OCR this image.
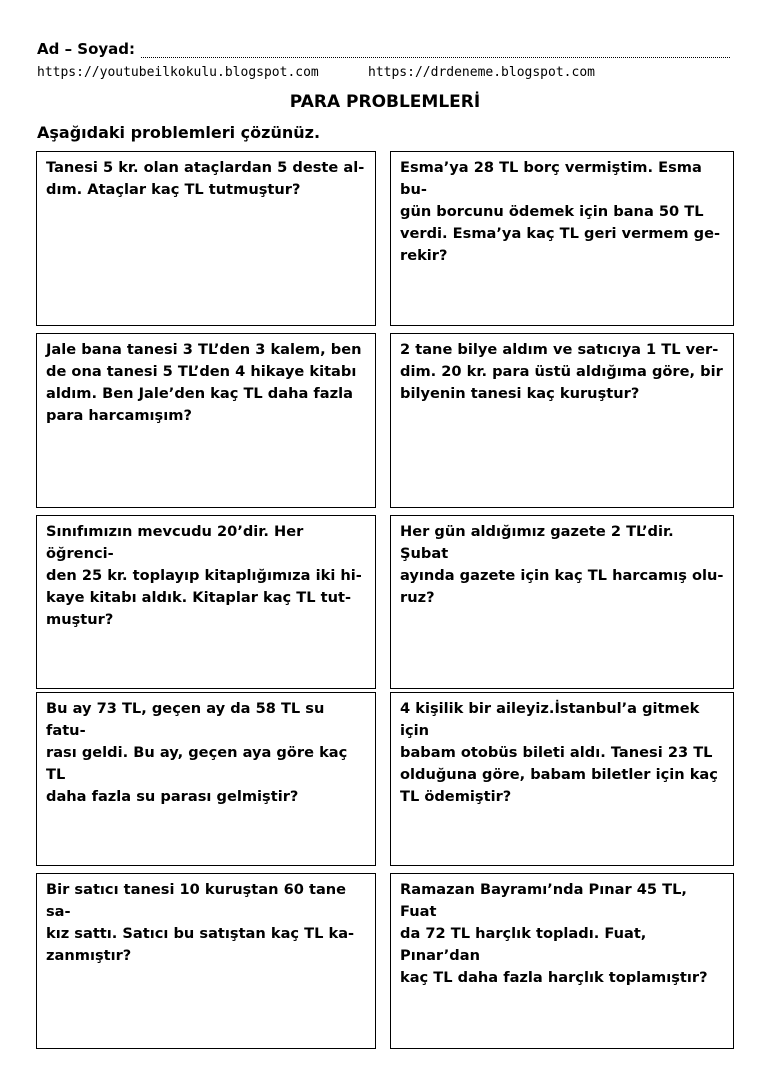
Ad – Soyad:
https://youtubeilkokulu.blogspot.com	https://drdeneme.blogspot.com
PARA PROBLEMLERİ
Aşağıdaki problemleri çözünüz.

Tanesi 5 kr. olan ataçlardan 5 deste al-
dım. Ataçlar kaç TL tutmuştur?

Esma’ya 28 TL borç vermiştim. Esma bu-
gün borcunu ödemek için bana 50 TL
verdi. Esma’ya kaç TL geri vermem ge-
rekir?

Jale bana tanesi 3 TL’den 3 kalem, ben
de ona tanesi 5 TL’den 4 hikaye kitabı
aldım. Ben Jale’den kaç TL daha fazla
para harcamışım?

2 tane bilye aldım ve satıcıya 1 TL ver-
dim. 20 kr. para üstü aldığıma göre, bir
bilyenin tanesi kaç kuruştur?

Sınıfımızın mevcudu 20’dir. Her öğrenci-
den 25 kr. toplayıp kitaplığımıza iki hi-
kaye kitabı aldık. Kitaplar kaç TL tut-
muştur?

Her gün aldığımız gazete 2 TL’dir. Şubat
ayında gazete için kaç TL harcamış olu-
ruz?

Bu ay 73 TL, geçen ay da 58 TL su fatu-
rası geldi. Bu ay, geçen aya göre kaç TL
daha fazla su parası gelmiştir?

4 kişilik bir aileyiz.İstanbul’a gitmek için
babam otobüs bileti aldı. Tanesi 23 TL
olduğuna göre, babam biletler için kaç
TL ödemiştir?

Bir satıcı tanesi 10 kuruştan 60 tane sa-
kız sattı. Satıcı bu satıştan kaç TL ka-
zanmıştır?

Ramazan Bayramı’nda Pınar 45 TL, Fuat
da 72 TL harçlık topladı. Fuat, Pınar’dan
kaç TL daha fazla harçlık toplamıştır?
